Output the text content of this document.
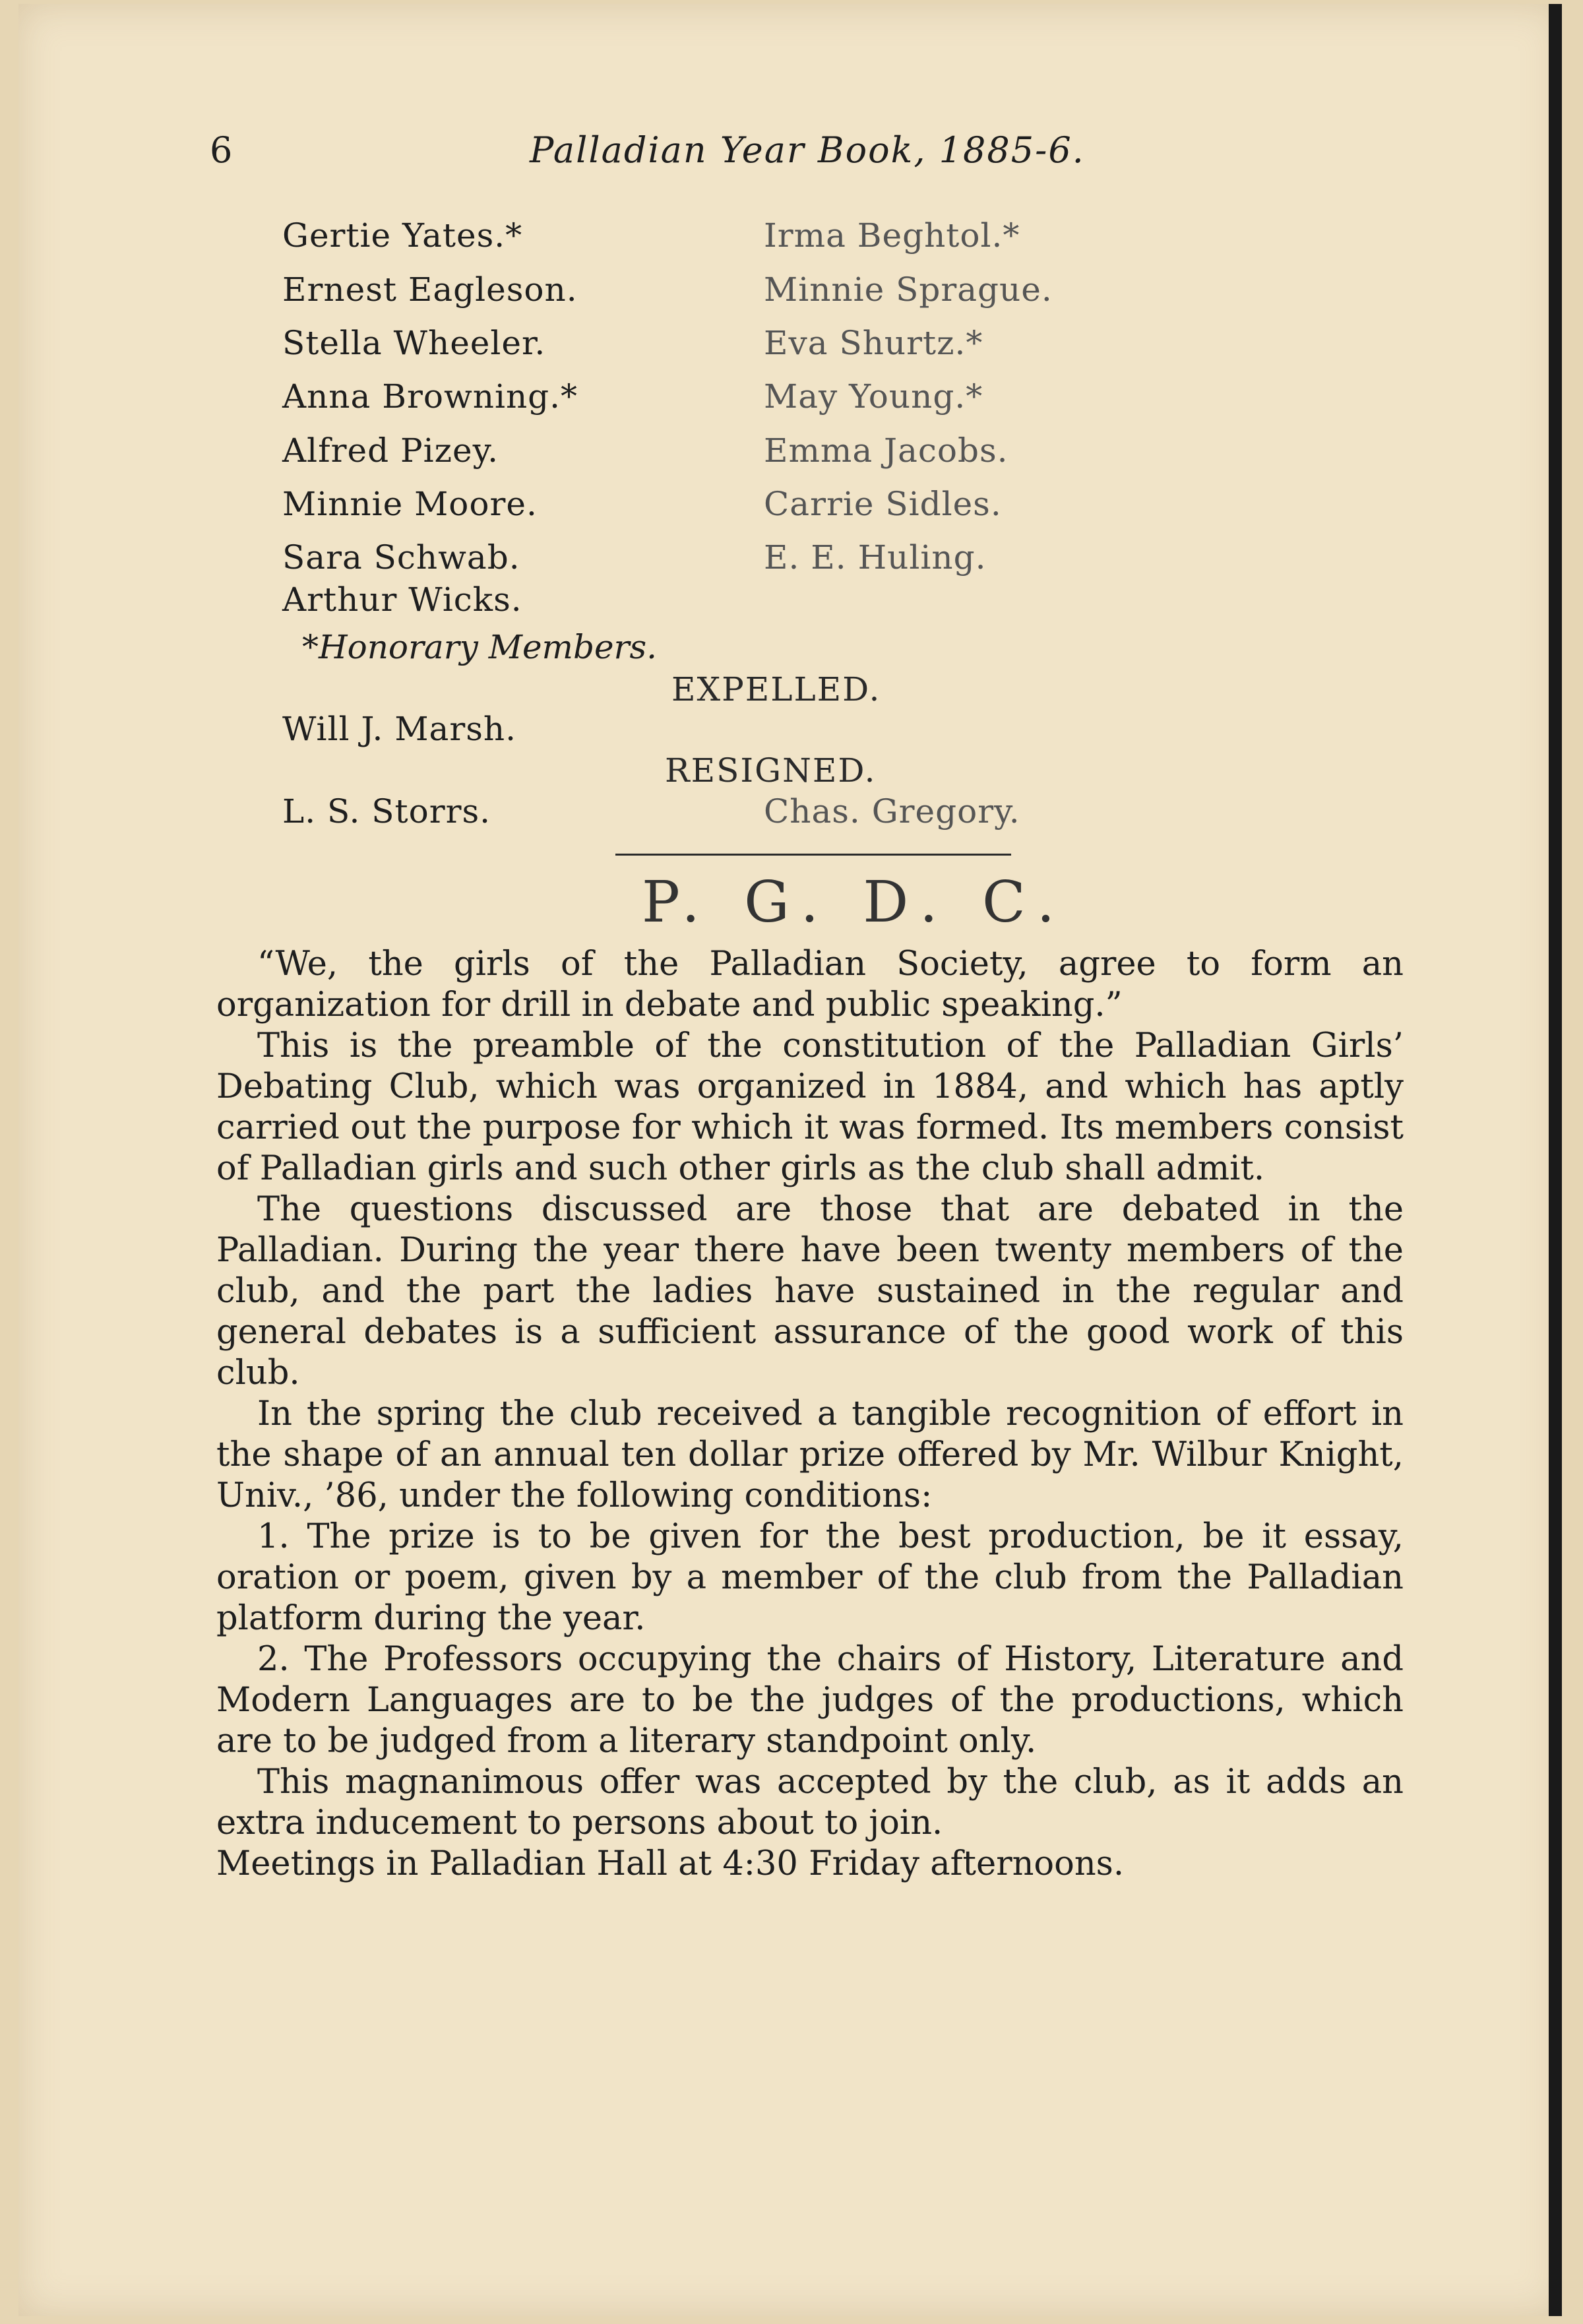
6	Palladian Year Book, 1885-6.
Gertie Yates.*
Ernest Eagleson.
Stella Wheeler.
Anna Browning.*
Alfred Pizey.
Minnie Moore.
Sara Schwab.
Arthur Wicks.
Irma Beghtol.*
Minnie Sprague.
Eva Shurtz.*
May Young.*
Emma Jacobs.
Carrie Sidles.
E. E. Huling.
*Honorary Members.
EXPELLED.
Will J. Marsh.
RESIGNED.
L. S. Storrs.	Chas. Gregory.
P. G. D. C.

“We, the girls of the Palladian Society, agree to form an organization for drill in debate and public speaking.”

This is the preamble of the constitution of the Palladian Girls’ Debating Club, which was organized in 1884, and which has aptly carried out the purpose for which it was formed. Its members consist of Palladian girls and such other girls as the club shall admit.

The questions discussed are those that are debated in the Palladian. During the year there have been twenty members of the club, and the part the ladies have sustained in the regular and general debates is a sufficient assurance of the good work of this club.

In the spring the club received a tangible recognition of effort in the shape of an annual ten dollar prize offered by Mr. Wilbur Knight, Univ., ’86, under the following conditions:

1. The prize is to be given for the best production, be it essay, oration or poem, given by a member of the club from the Palladian platform during the year.

2. The Professors occupying the chairs of History, Literature and Modern Languages are to be the judges of the productions, which are to be judged from a literary standpoint only.

This magnanimous offer was accepted by the club, as it adds an extra inducement to persons about to join.

Meetings in Palladian Hall at 4:30 Friday afternoons.
